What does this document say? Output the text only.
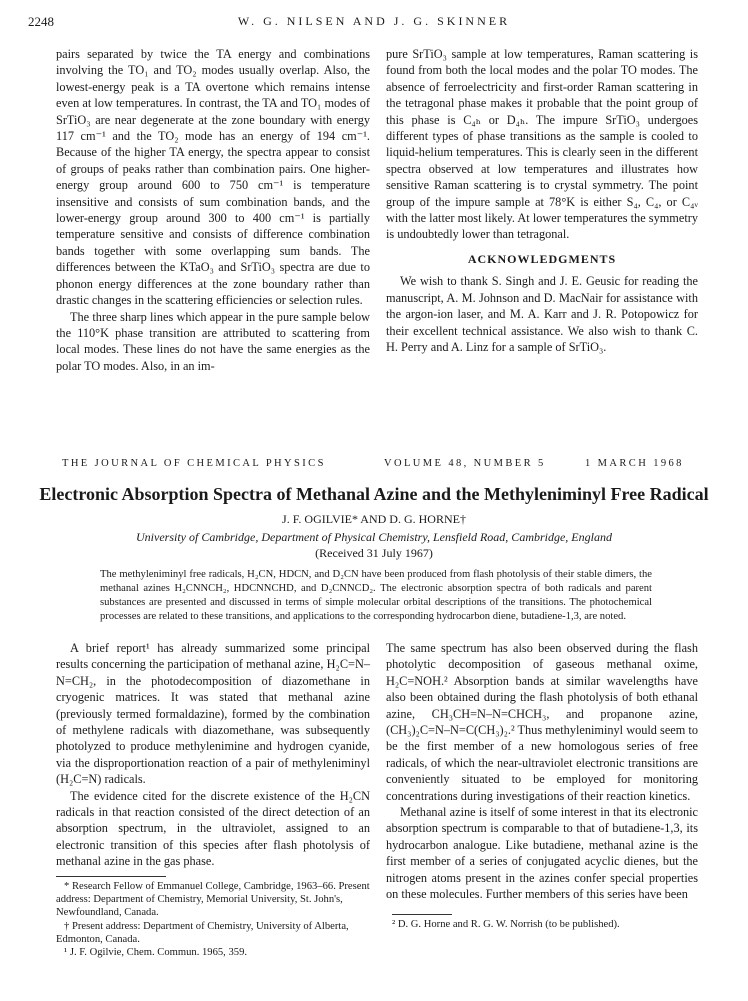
2248	W. G. NILSEN AND J. G. SKINNER

pairs separated by twice the TA energy and combinations involving the TO₁ and TO₂ modes usually overlap. Also, the lowest-energy peak is a TA overtone which remains intense even at low temperatures. In contrast, the TA and TO₁ modes of SrTiO₃ are near degenerate at the zone boundary with energy 117 cm⁻¹ and the TO₂ mode has an energy of 194 cm⁻¹. Because of the higher TA energy, the spectra appear to consist of groups of peaks rather than combination pairs. One higher-energy group around 600 to 750 cm⁻¹ is temperature insensitive and consists of sum combination bands, and the lower-energy group around 300 to 400 cm⁻¹ is partially temperature sensitive and consists of difference combination bands together with some overlapping sum bands. The differences between the KTaO₃ and SrTiO₃ spectra are due to phonon energy differences at the zone boundary rather than drastic changes in the scattering efficiencies or selection rules.

The three sharp lines which appear in the pure sample below the 110°K phase transition are attributed to scattering from local modes. These lines do not have the same energies as the polar TO modes. Also, in an im-

pure SrTiO₃ sample at low temperatures, Raman scattering is found from both the local modes and the polar TO modes. The absence of ferroelectricity and first-order Raman scattering in the tetragonal phase makes it probable that the point group of this phase is C₄ₕ or D₄ₕ. The impure SrTiO₃ undergoes different types of phase transitions as the sample is cooled to liquid-helium temperatures. This is clearly seen in the different spectra observed at low temperatures and illustrates how sensitive Raman scattering is to crystal symmetry. The point group of the impure sample at 78°K is either S₄, C₄, or C₄ᵥ with the latter most likely. At lower temperatures the symmetry is undoubtedly lower than tetragonal.

ACKNOWLEDGMENTS

We wish to thank S. Singh and J. E. Geusic for reading the manuscript, A. M. Johnson and D. MacNair for assistance with the argon-ion laser, and M. A. Karr and J. R. Potopowicz for their excellent technical assistance. We also wish to thank C. H. Perry and A. Linz for a sample of SrTiO₃.

THE JOURNAL OF CHEMICAL PHYSICS	VOLUME 48, NUMBER 5	1 MARCH 1968
Electronic Absorption Spectra of Methanal Azine and the Methyleniminyl Free Radical
J. F. OGILVIE* AND D. G. HORNE†
University of Cambridge, Department of Physical Chemistry, Lensfield Road, Cambridge, England
(Received 31 July 1967)
The methyleniminyl free radicals, H₂CN, HDCN, and D₂CN have been produced from flash photolysis of their stable dimers, the methanal azines H₂CNNCH₂, HDCNNCHD, and D₂CNNCD₂. The electronic absorption spectra of both radicals and parent substances are presented and discussed in terms of simple molecular orbital descriptions of the transitions. The photochemical processes are related to these transitions, and applications to the corresponding hydrocarbon diene, butadiene-1,3, are noted.

A brief report¹ has already summarized some principal results concerning the participation of methanal azine, H₂C=N–N=CH₂, in the photodecomposition of diazomethane in cryogenic matrices. It was stated that methanal azine (previously termed formaldazine), formed by the combination of methylene radicals with diazomethane, was subsequently photolyzed to produce methylenimine and hydrogen cyanide, via the disproportionation reaction of a pair of methyleniminyl (H₂C=N) radicals.

The evidence cited for the discrete existence of the H₂CN radicals in that reaction consisted of the direct detection of an absorption spectrum, in the ultraviolet, assigned to an electronic transition of this species after flash photolysis of methanal azine in the gas phase.

The same spectrum has also been observed during the flash photolytic decomposition of gaseous methanal oxime, H₂C=NOH.² Absorption bands at similar wavelengths have also been obtained during the flash photolysis of both ethanal azine, CH₃CH=N–N=CHCH₃, and propanone azine, (CH₃)₂C=N–N=C(CH₃)₂.² Thus methyleniminyl would seem to be the first member of a new homologous series of free radicals, of which the near-ultraviolet electronic transitions are conveniently situated to be employed for monitoring concentrations during investigations of their reaction kinetics.

Methanal azine is itself of some interest in that its electronic absorption spectrum is comparable to that of butadiene-1,3, its hydrocarbon analogue. Like butadiene, methanal azine is the first member of a series of conjugated acyclic dienes, but the nitrogen atoms present in the azines confer special properties on these molecules. Further members of this series have been

* Research Fellow of Emmanuel College, Cambridge, 1963–66. Present address: Department of Chemistry, Memorial University, St. John's, Newfoundland, Canada.

† Present address: Department of Chemistry, University of Alberta, Edmonton, Canada.

¹ J. F. Ogilvie, Chem. Commun. 1965, 359.

² D. G. Horne and R. G. W. Norrish (to be published).
